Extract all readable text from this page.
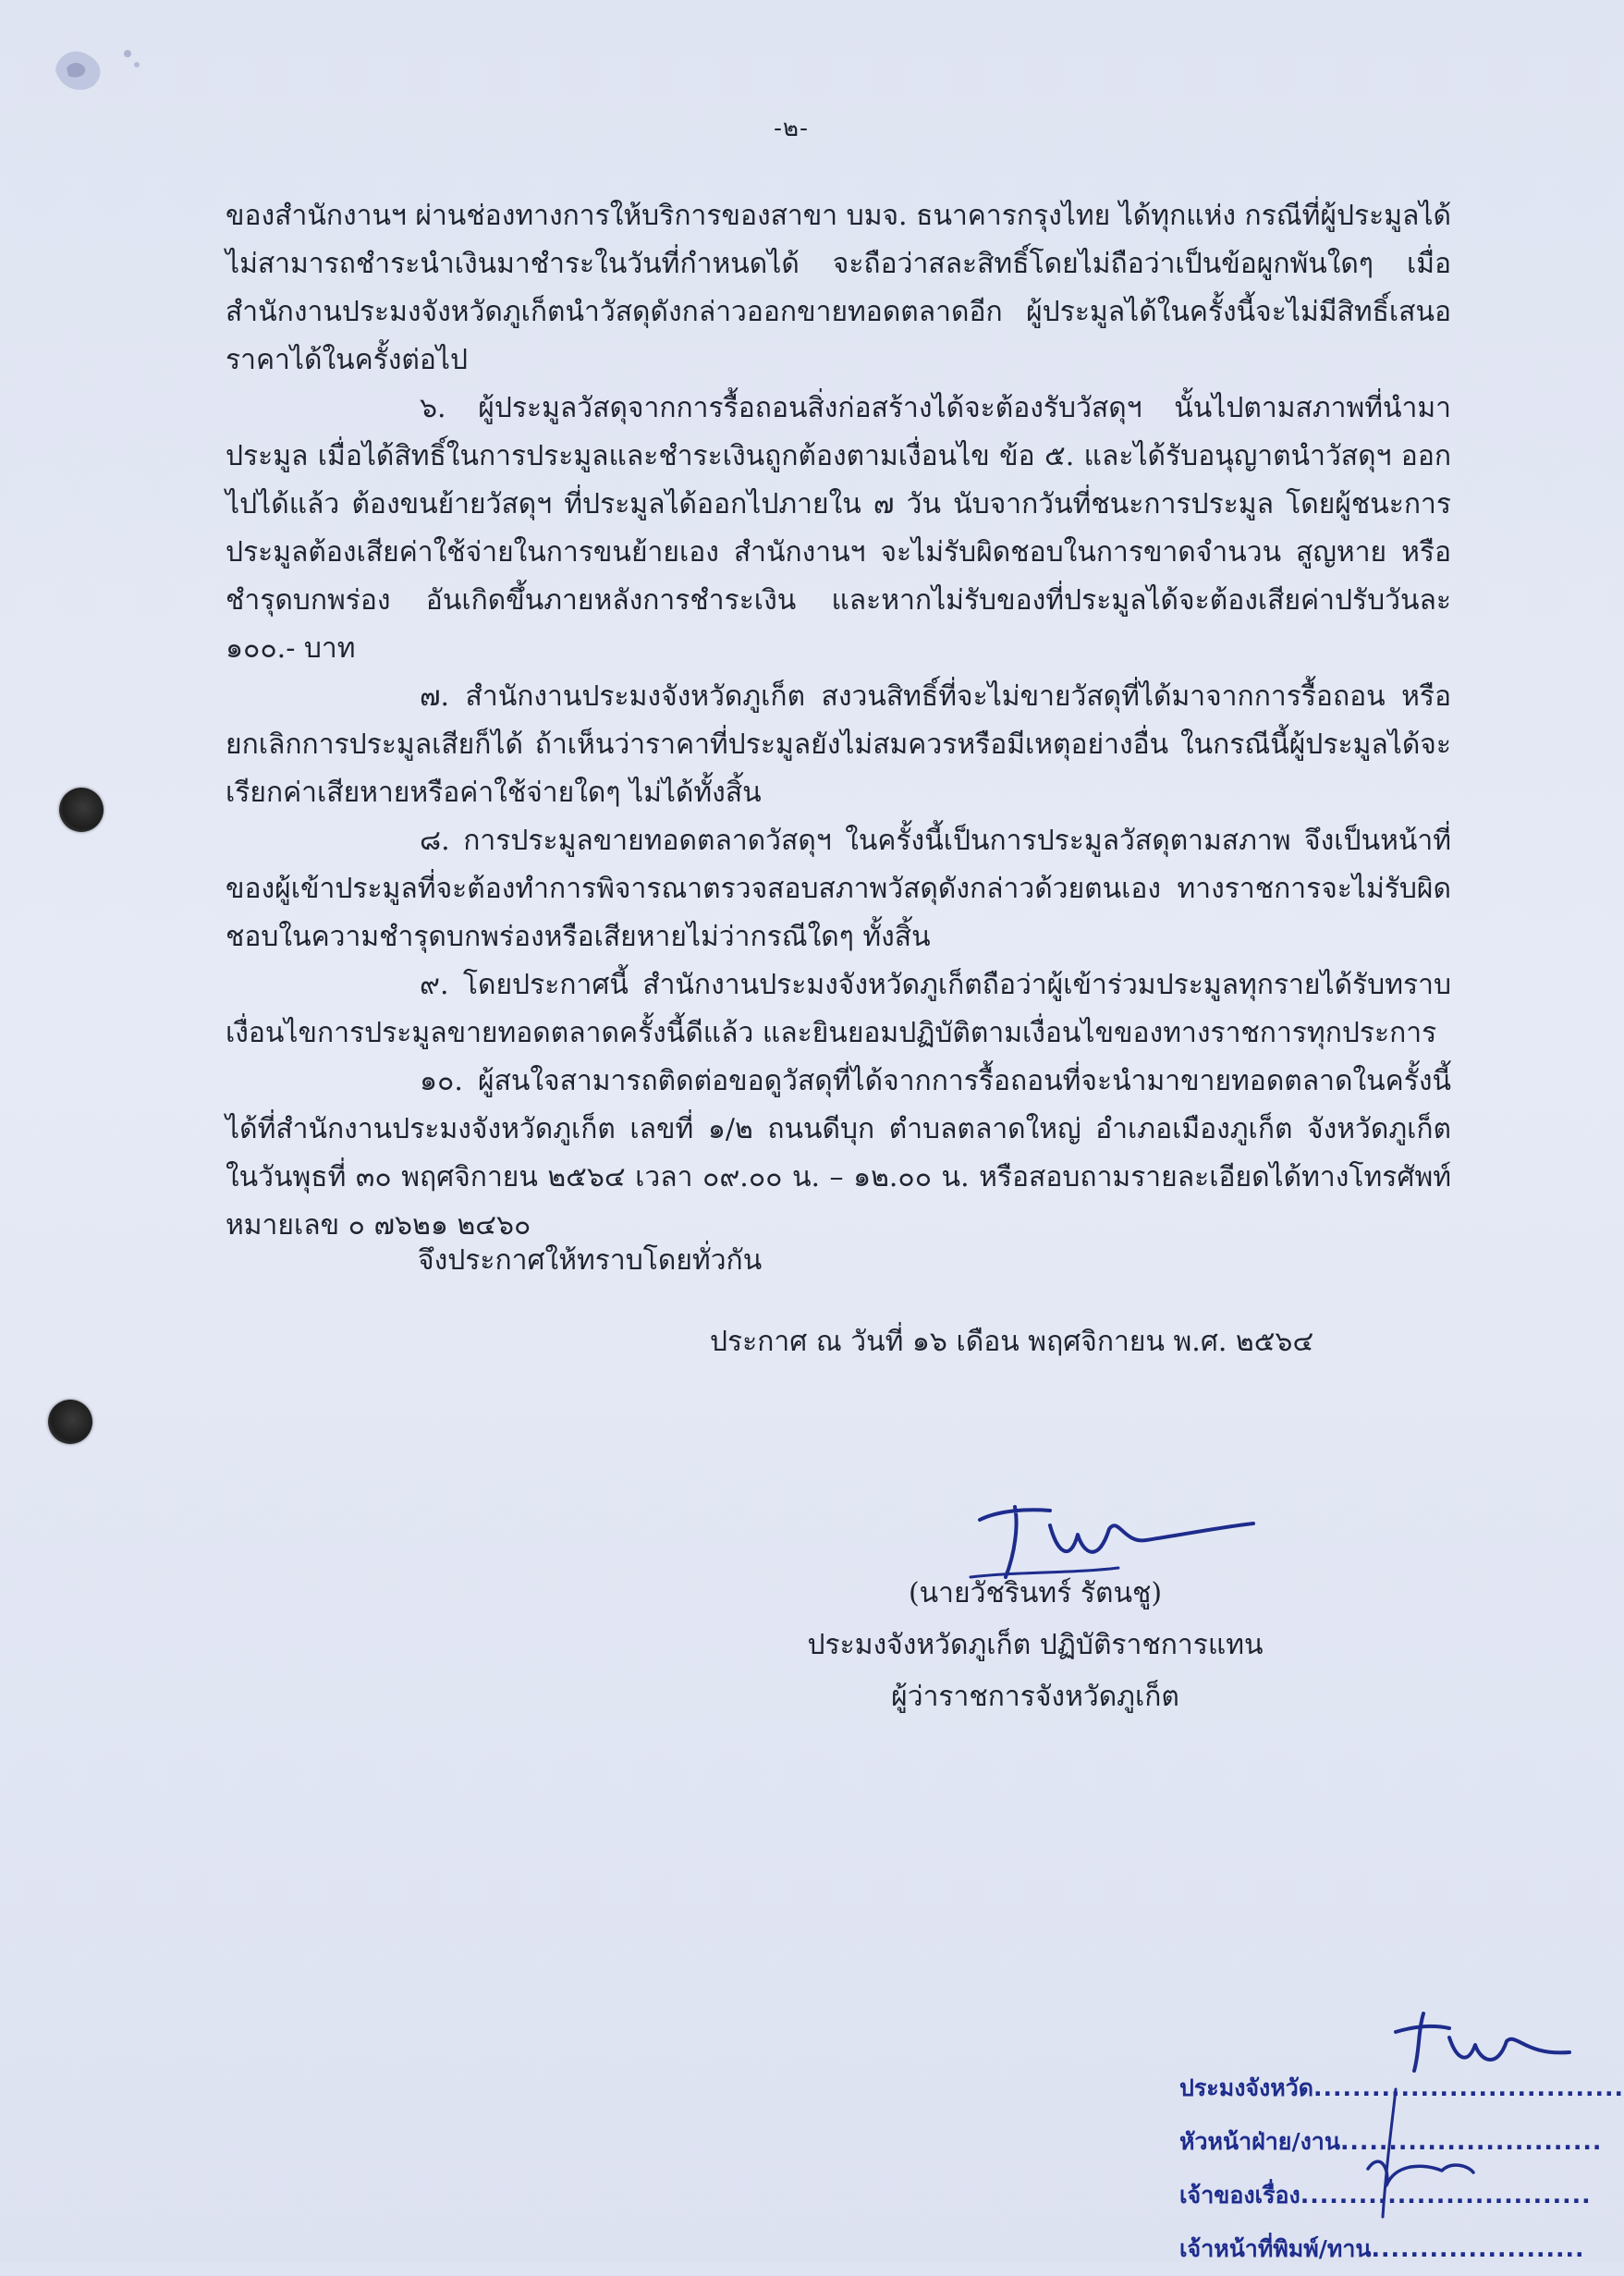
-๒-

ของสำนักงานฯ ผ่านช่องทางการให้บริการของสาขา บมจ. ธนาคารกรุงไทย ได้ทุกแห่ง กรณีที่ผู้ประมูลได้ไม่สามารถชำระนำเงินมาชำระในวันที่กำหนดได้ จะถือว่าสละสิทธิ์โดยไม่ถือว่าเป็นข้อผูกพันใดๆ เมื่อสำนักงานประมงจังหวัดภูเก็ตนำวัสดุดังกล่าวออกขายทอดตลาดอีก ผู้ประมูลได้ในครั้งนี้จะไม่มีสิทธิ์เสนอราคาได้ในครั้งต่อไป

๖. ผู้ประมูลวัสดุจากการรื้อถอนสิ่งก่อสร้างได้จะต้องรับวัสดุฯ นั้นไปตามสภาพที่นำมาประมูล เมื่อได้สิทธิ์ในการประมูลและชำระเงินถูกต้องตามเงื่อนไข ข้อ ๕. และได้รับอนุญาตนำวัสดุฯ ออกไปได้แล้ว ต้องขนย้ายวัสดุฯ ที่ประมูลได้ออกไปภายใน ๗ วัน นับจากวันที่ชนะการประมูล โดยผู้ชนะการประมูลต้องเสียค่าใช้จ่ายในการขนย้ายเอง สำนักงานฯ จะไม่รับผิดชอบในการขาดจำนวน สูญหาย หรือชำรุดบกพร่อง อันเกิดขึ้นภายหลังการชำระเงิน และหากไม่รับของที่ประมูลได้จะต้องเสียค่าปรับวันละ ๑๐๐.- บาท

๗. สำนักงานประมงจังหวัดภูเก็ต สงวนสิทธิ์ที่จะไม่ขายวัสดุที่ได้มาจากการรื้อถอน หรือยกเลิกการประมูลเสียก็ได้ ถ้าเห็นว่าราคาที่ประมูลยังไม่สมควรหรือมีเหตุอย่างอื่น ในกรณีนี้ผู้ประมูลได้จะเรียกค่าเสียหายหรือค่าใช้จ่ายใดๆ ไม่ได้ทั้งสิ้น

๘. การประมูลขายทอดตลาดวัสดุฯ ในครั้งนี้เป็นการประมูลวัสดุตามสภาพ จึงเป็นหน้าที่ของผู้เข้าประมูลที่จะต้องทำการพิจารณาตรวจสอบสภาพวัสดุดังกล่าวด้วยตนเอง ทางราชการจะไม่รับผิดชอบในความชำรุดบกพร่องหรือเสียหายไม่ว่ากรณีใดๆ ทั้งสิ้น

๙. โดยประกาศนี้ สำนักงานประมงจังหวัดภูเก็ตถือว่าผู้เข้าร่วมประมูลทุกรายได้รับทราบเงื่อนไขการประมูลขายทอดตลาดครั้งนี้ดีแล้ว และยินยอมปฏิบัติตามเงื่อนไขของทางราชการทุกประการ

๑๐. ผู้สนใจสามารถติดต่อขอดูวัสดุที่ได้จากการรื้อถอนที่จะนำมาขายทอดตลาดในครั้งนี้ได้ที่สำนักงานประมงจังหวัดภูเก็ต เลขที่ ๑/๒ ถนนดีบุก ตำบลตลาดใหญ่ อำเภอเมืองภูเก็ต จังหวัดภูเก็ต ในวันพุธที่ ๓๐ พฤศจิกายน ๒๕๖๔ เวลา ๐๙.๐๐ น. – ๑๒.๐๐ น. หรือสอบถามรายละเอียดได้ทางโทรศัพท์หมายเลข ๐ ๗๖๒๑ ๒๔๖๐

จึงประกาศให้ทราบโดยทั่วกัน
ประกาศ ณ วันที่ ๑๖ เดือน พฤศจิกายน พ.ศ. ๒๕๖๔
(นายวัชรินทร์ รัตนชู)
ประมงจังหวัดภูเก็ต ปฏิบัติราชการแทน
ผู้ว่าราชการจังหวัดภูเก็ต
ประมงจังหวัด................................
หัวหน้าฝ่าย/งาน...........................
เจ้าของเรื่อง..............................
เจ้าหน้าที่พิมพ์/ทาน......................
